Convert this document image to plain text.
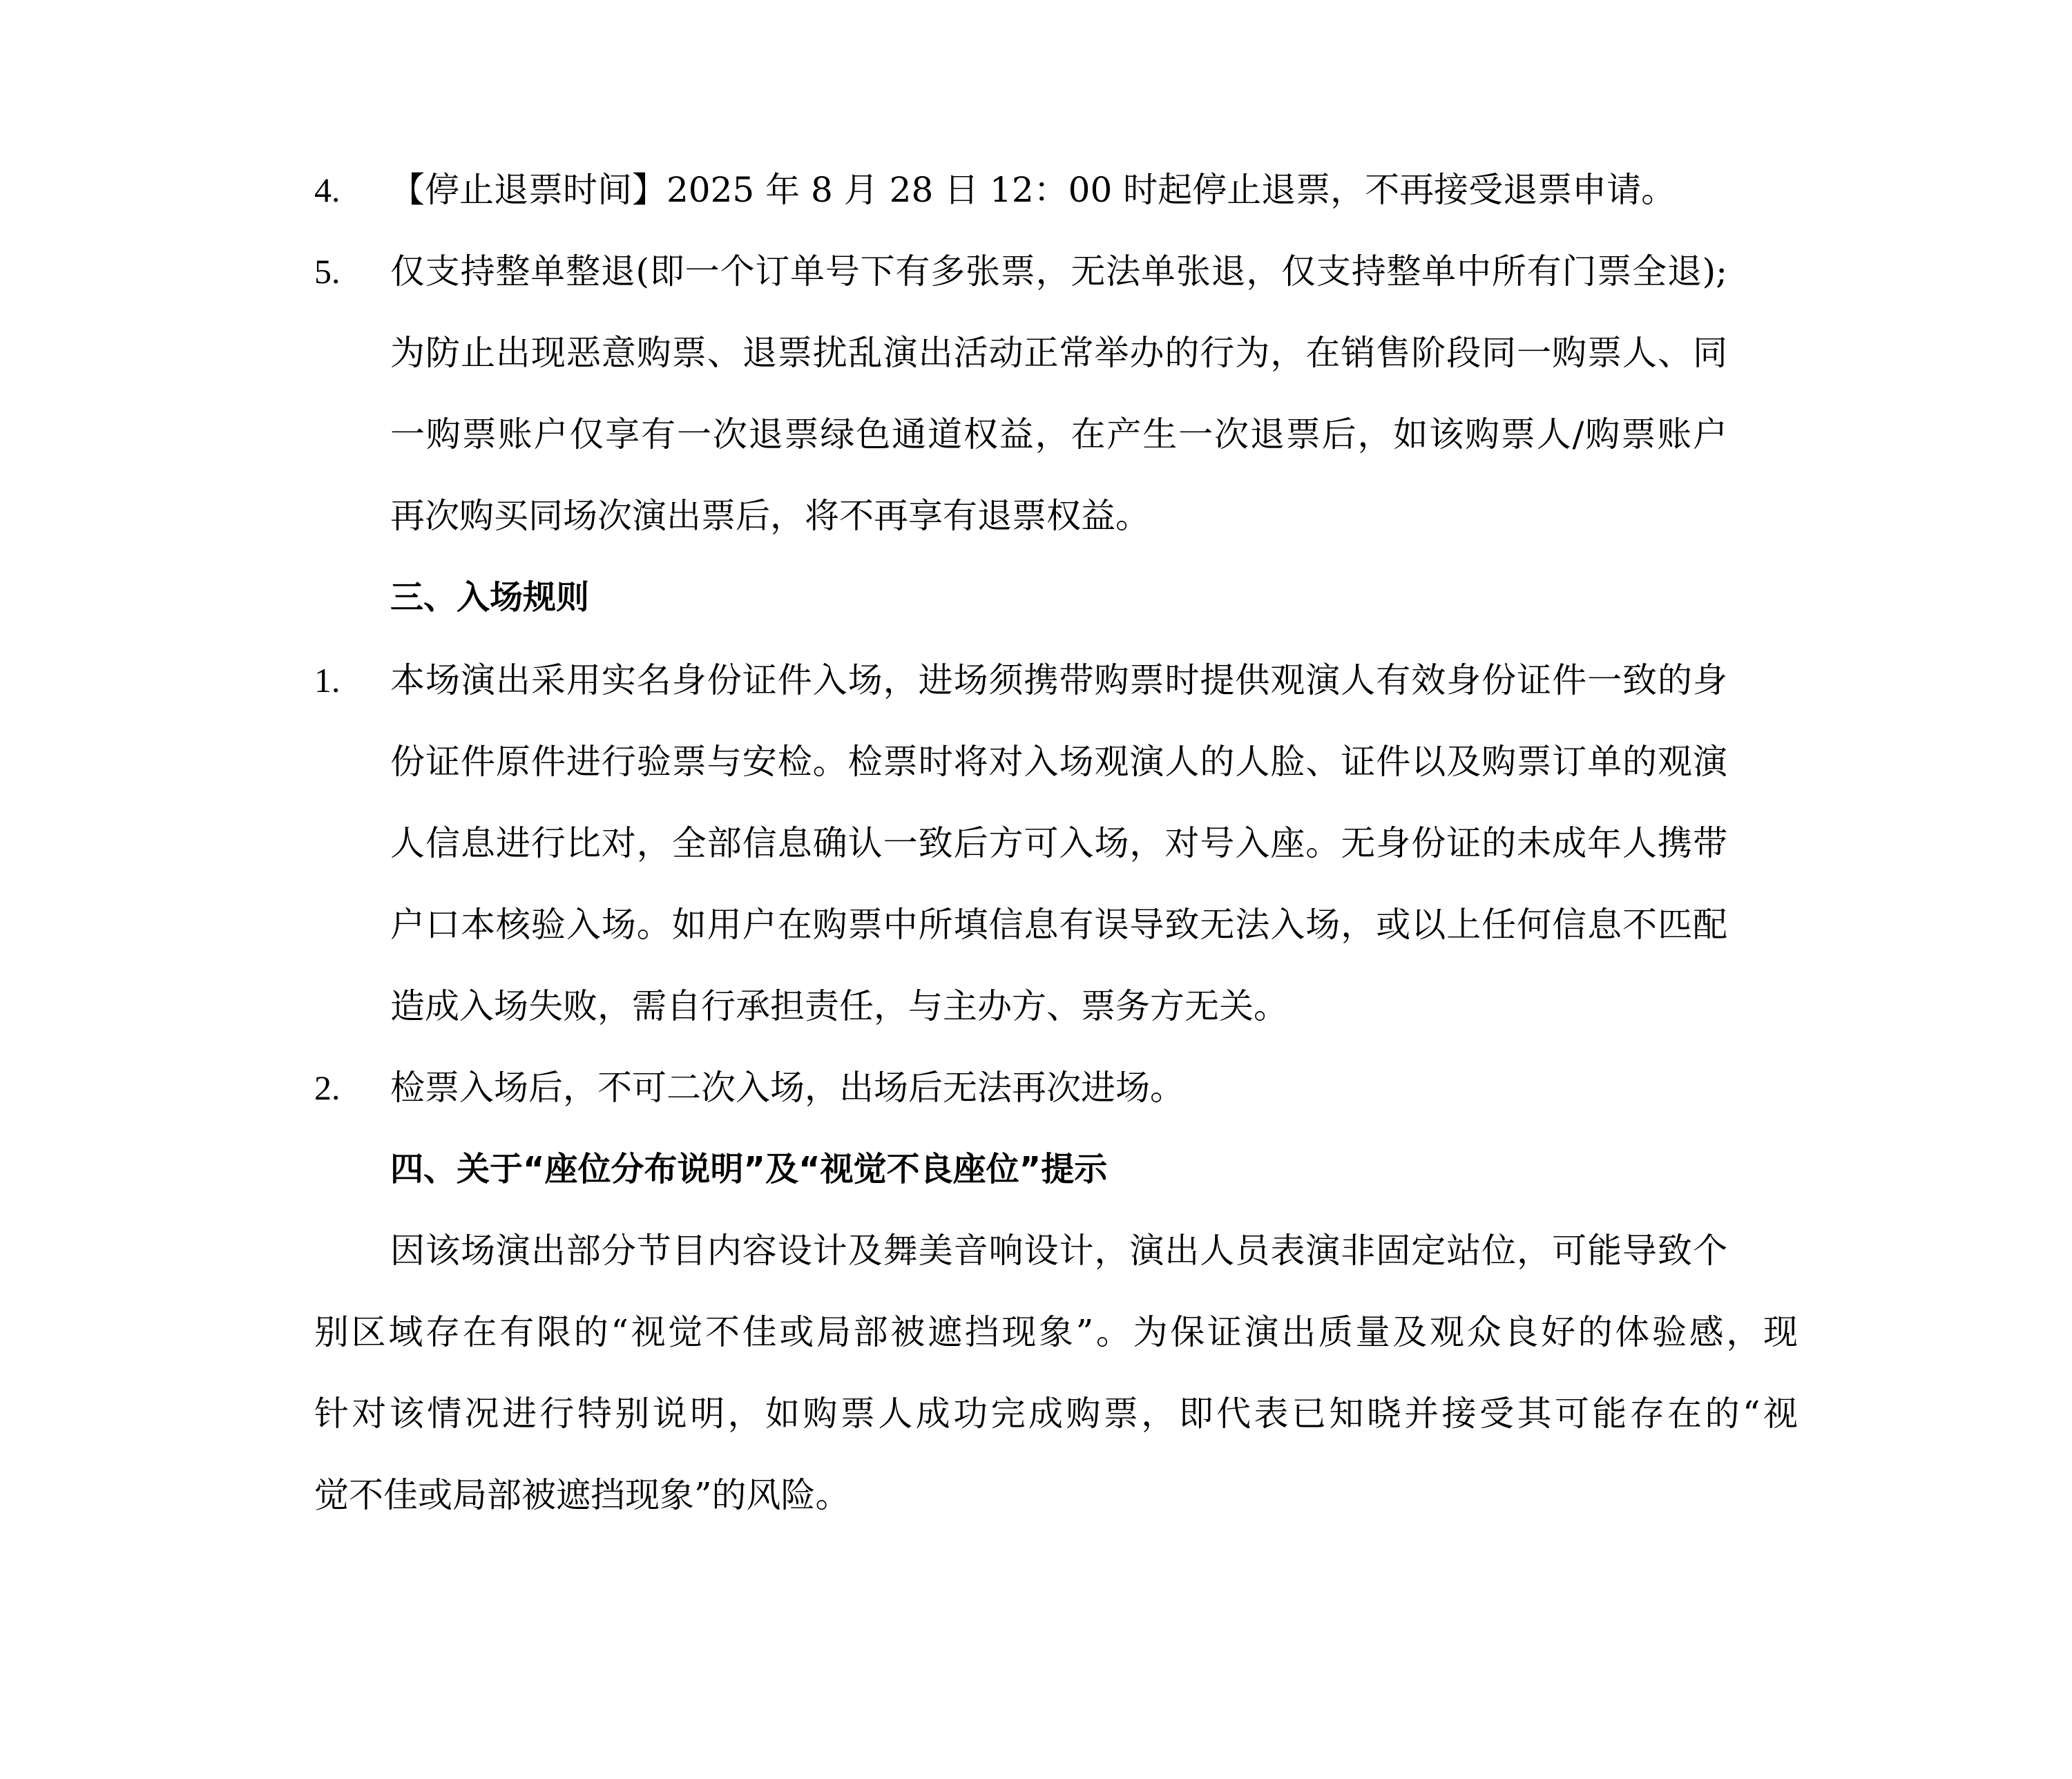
4. 【停止退票时间】2025 年 8 月 28 日 12：00 时起停止退票，不再接受退票申请。
5. 仅支持整单整退(即一个订单号下有多张票，无法单张退，仅支持整单中所有门票全退);
为防止出现恶意购票、退票扰乱演出活动正常举办的行为，在销售阶段同一购票人、同
一购票账户仅享有一次退票绿色通道权益，在产生一次退票后，如该购票人/购票账户
再次购买同场次演出票后，将不再享有退票权益。
三、入场规则
1. 本场演出采用实名身份证件入场，进场须携带购票时提供观演人有效身份证件一致的身
份证件原件进行验票与安检。检票时将对入场观演人的人脸、证件以及购票订单的观演
人信息进行比对，全部信息确认一致后方可入场，对号入座。无身份证的未成年人携带
户口本核验入场。如用户在购票中所填信息有误导致无法入场，或以上任何信息不匹配
造成入场失败，需自行承担责任，与主办方、票务方无关。
2. 检票入场后，不可二次入场，出场后无法再次进场。
四、关于“座位分布说明”及“视觉不良座位”提示
因该场演出部分节目内容设计及舞美音响设计，演出人员表演非固定站位，可能导致个
别区域存在有限的“视觉不佳或局部被遮挡现象”。为保证演出质量及观众良好的体验感，现
针对该情况进行特别说明，如购票人成功完成购票，即代表已知晓并接受其可能存在的“视
觉不佳或局部被遮挡现象”的风险。
